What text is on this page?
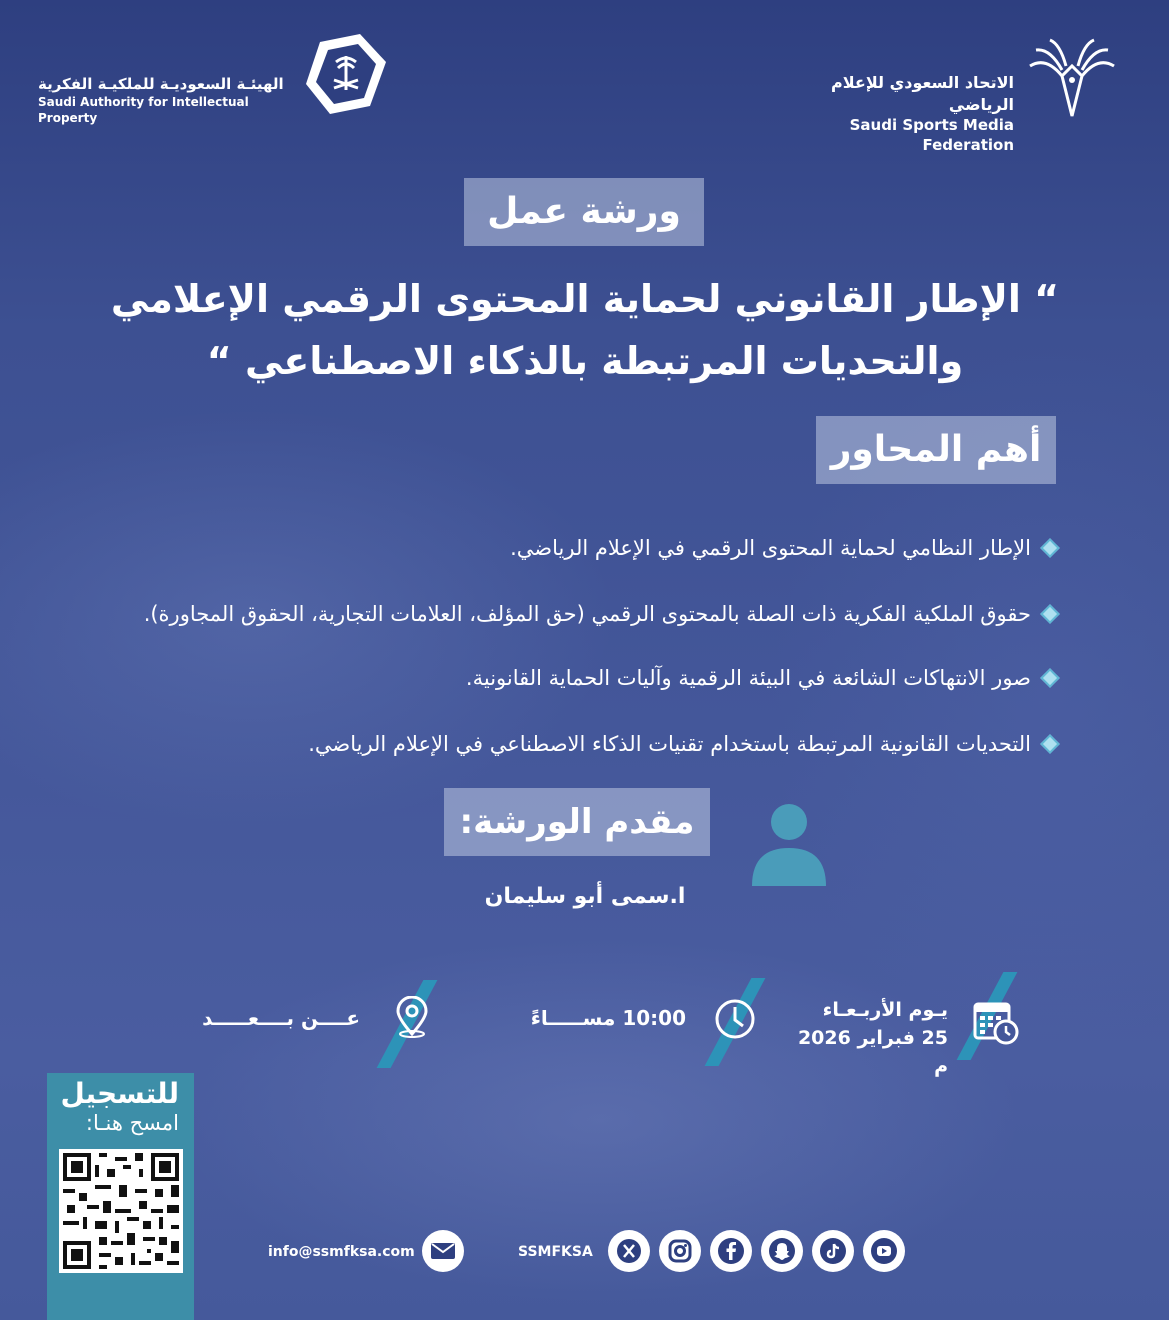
الهيئـة السعوديـة للملكيـة الفكرية
Saudi Authority for Intellectual Property
الاتحاد السعودي للإعلام الرياضي
Saudi Sports Media Federation
ورشة عمل
“ الإطار القانوني لحماية المحتوى الرقمي الإعلامي
والتحديات المرتبطة بالذكاء الاصطناعي “
أهم المحاور
الإطار النظامي لحماية المحتوى الرقمي في الإعلام الرياضي.
حقوق الملكية الفكرية ذات الصلة بالمحتوى الرقمي (حق المؤلف، العلامات التجارية، الحقوق المجاورة).
صور الانتهاكات الشائعة في البيئة الرقمية وآليات الحماية القانونية.
التحديات القانونية المرتبطة باستخدام تقنيات الذكاء الاصطناعي في الإعلام الرياضي.
مقدم الورشة:
ا.سمى أبو سليمان
يـوم الأربـعـاء
25 فبراير 2026 م
10:00 مســـــاءً
عــــن بــــعـــــد
للتسجيل
امسح هنـا:
info@ssmfksa.com	SSMFKSA
